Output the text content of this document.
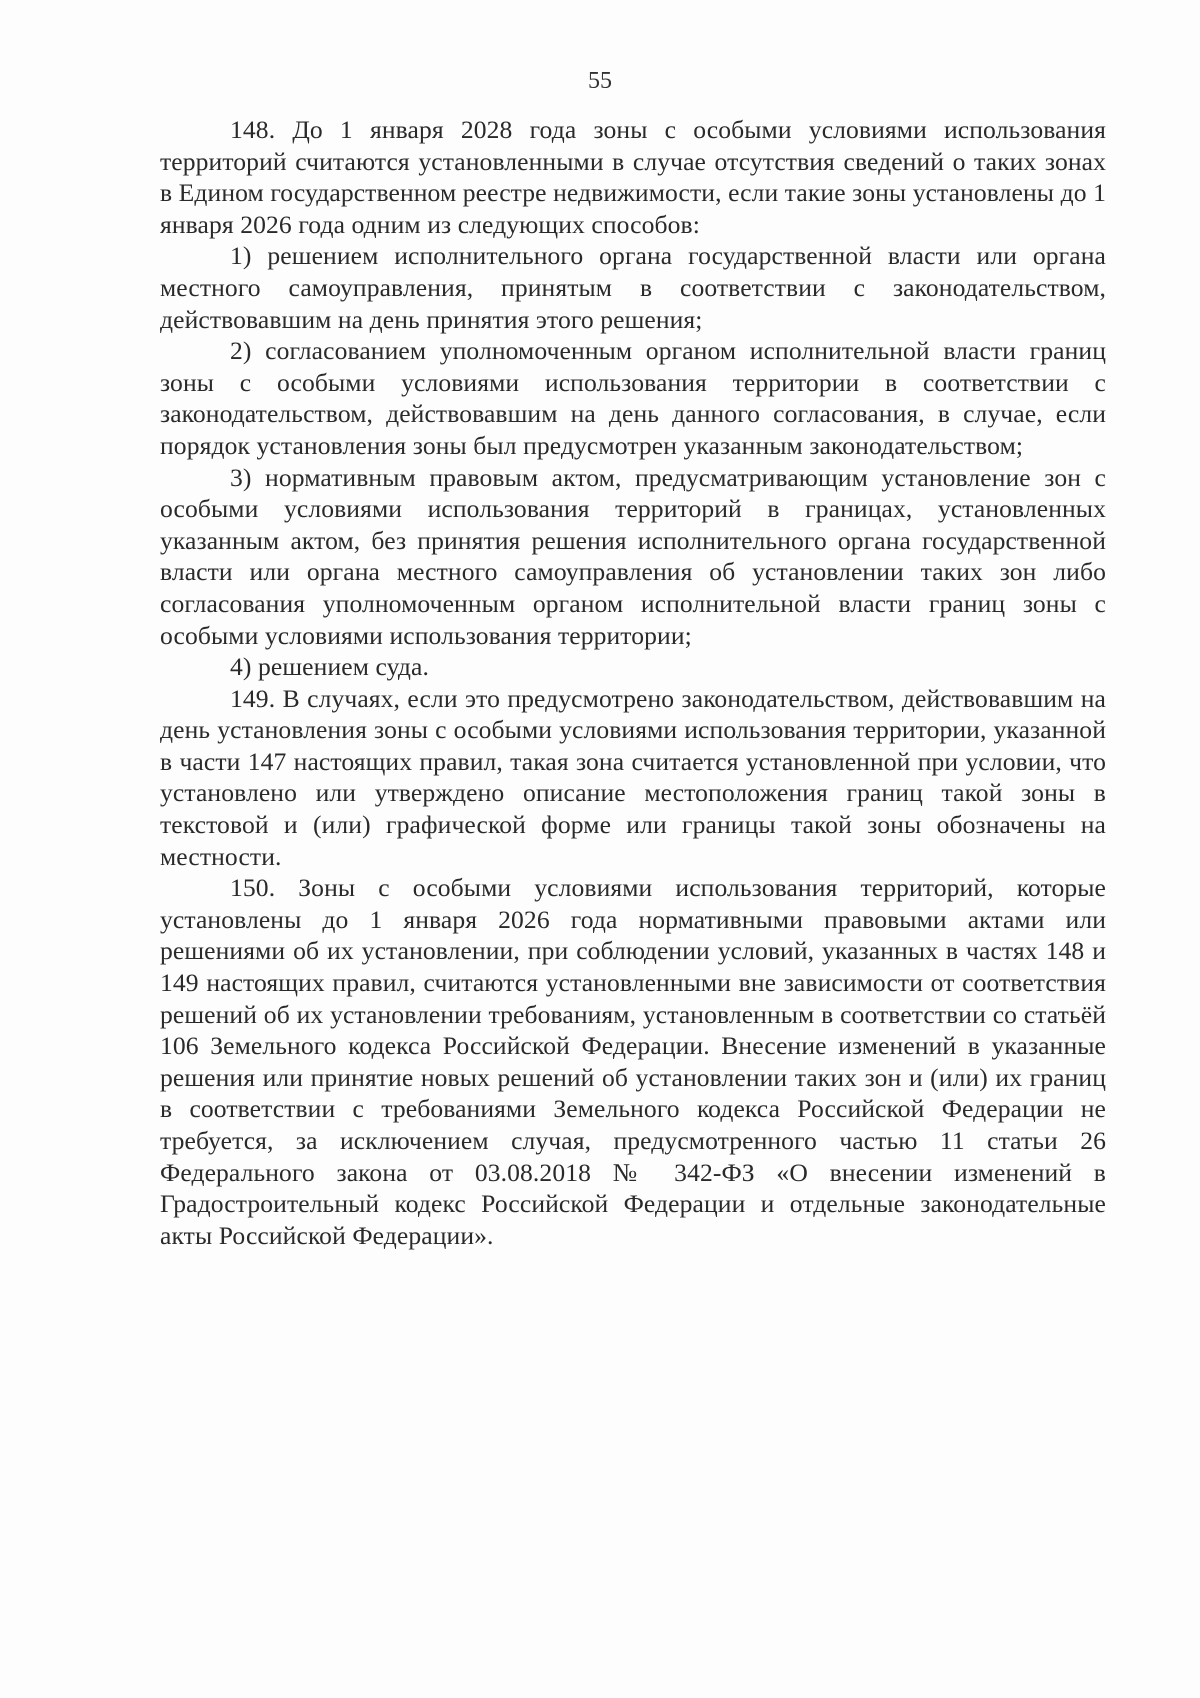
55

148. До 1 января 2028 года зоны с особыми условиями использования территорий считаются установленными в случае отсутствия сведений о таких зонах в Едином государственном реестре недвижимости, если такие зоны установлены до 1 января 2026 года одним из следующих способов:

1) решением исполнительного органа государственной власти или органа местного самоуправления, принятым в соответствии с законодательством, действовавшим на день принятия этого решения;

2) согласованием уполномоченным органом исполнительной власти границ зоны с особыми условиями использования территории в соответствии с законодательством, действовавшим на день данного согласования, в случае, если порядок установления зоны был предусмотрен указанным законодательством;

3) нормативным правовым актом, предусматривающим установление зон с особыми условиями использования территорий в границах, установленных указанным актом, без принятия решения исполнительного органа государственной власти или органа местного самоуправления об установлении таких зон либо согласования уполномоченным органом исполнительной власти границ зоны с особыми условиями использования территории;

4) решением суда.

149. В случаях, если это предусмотрено законодательством, действовавшим на день установления зоны с особыми условиями использования территории, указанной в части 147 настоящих правил, такая зона считается установленной при условии, что установлено или утверждено описание местоположения границ такой зоны в текстовой и (или) графической форме или границы такой зоны обозначены на местности.

150. Зоны с особыми условиями использования территорий, которые установлены до 1 января 2026 года нормативными правовыми актами или решениями об их установлении, при соблюдении условий, указанных в частях 148 и 149 настоящих правил, считаются установленными вне зависимости от соответствия решений об их установлении требованиям, установленным в соответствии со статьёй 106 Земельного кодекса Российской Федерации. Внесение изменений в указанные решения или принятие новых решений об установлении таких зон и (или) их границ в соответствии с требованиями Земельного кодекса Российской Федерации не требуется, за исключением случая, предусмотренного частью 11 статьи 26 Федерального закона от 03.08.2018 № 342-ФЗ «О внесении изменений в Градостроительный кодекс Российской Федерации и отдельные законодательные акты Российской Федерации».
